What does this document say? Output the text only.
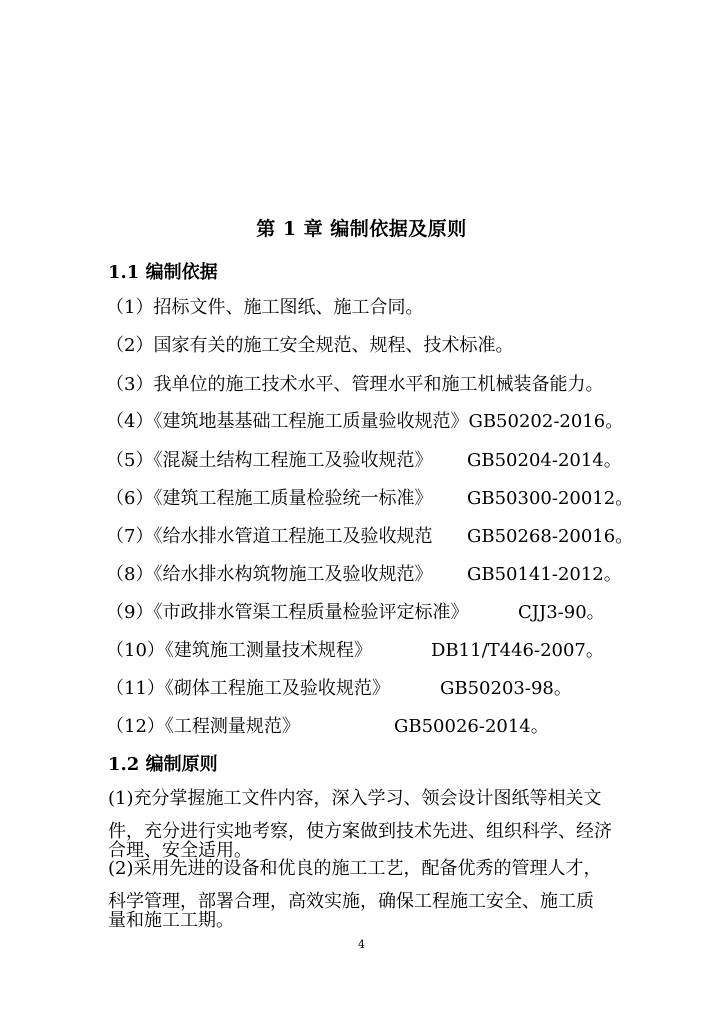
第 1 章 编制依据及原则
1.1 编制依据
（1）招标文件、施工图纸、施工合同。
（2）国家有关的施工安全规范、规程、技术标准。
（3）我单位的施工技术水平、管理水平和施工机械装备能力。
（4）《建筑地基基础工程施工质量验收规范》GB50202-2016。
（5）《混凝土结构工程施工及验收规范》 GB50204-2014。
（6）《建筑工程施工质量检验统一标准》 GB50300-20012。
（7）《给水排水管道工程施工及验收规范 GB50268-20016。
（8）《给水排水构筑物施工及验收规范》 GB50141-2012。
（9）《市政排水管渠工程质量检验评定标准》	CJJ3-90。
（10）《建筑施工测量技术规程》	DB11/T446-2007。
（11）《砌体工程施工及验收规范》	GB50203-98。
（12）《工程测量规范》	GB50026-2014。
1.2 编制原则
(1)充分掌握施工文件内容，深入学习、领会设计图纸等相关文
件，充分进行实地考察，使方案做到技术先进、组织科学、经济
合理、安全适用。
(2)采用先进的设备和优良的施工工艺，配备优秀的管理人才，
科学管理，部署合理，高效实施，确保工程施工安全、施工质
量和施工工期。
4
